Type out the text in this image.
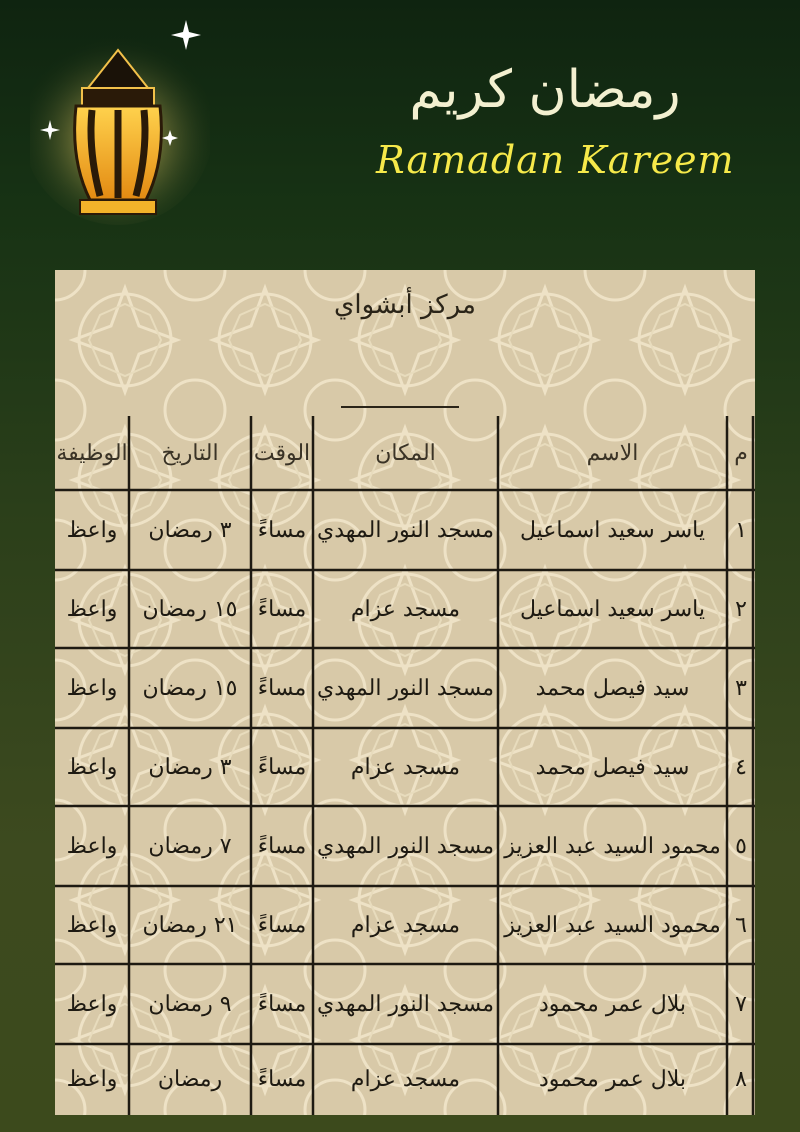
رمضان كريم
Ramadan Kareem
مركز أبشواي
م
الاسم
المكان
الوقت
التاريخ
الوظيفة
١
ياسر سعيد اسماعيل
مسجد النور المهدي
مساءً
٣ رمضان
واعظ
٢
ياسر سعيد اسماعيل
مسجد عزام
مساءً
١٥ رمضان
واعظ
٣
سيد فيصل محمد
مسجد النور المهدي
مساءً
١٥ رمضان
واعظ
٤
سيد فيصل محمد
مسجد عزام
مساءً
٣ رمضان
واعظ
٥
محمود السيد عبد العزيز
مسجد النور المهدي
مساءً
٧ رمضان
واعظ
٦
محمود السيد عبد العزيز
مسجد عزام
مساءً
٢١ رمضان
واعظ
٧
بلال عمر محمود
مسجد النور المهدي
مساءً
٩ رمضان
واعظ
٨
بلال عمر محمود
مسجد عزام
مساءً
رمضان
واعظ
